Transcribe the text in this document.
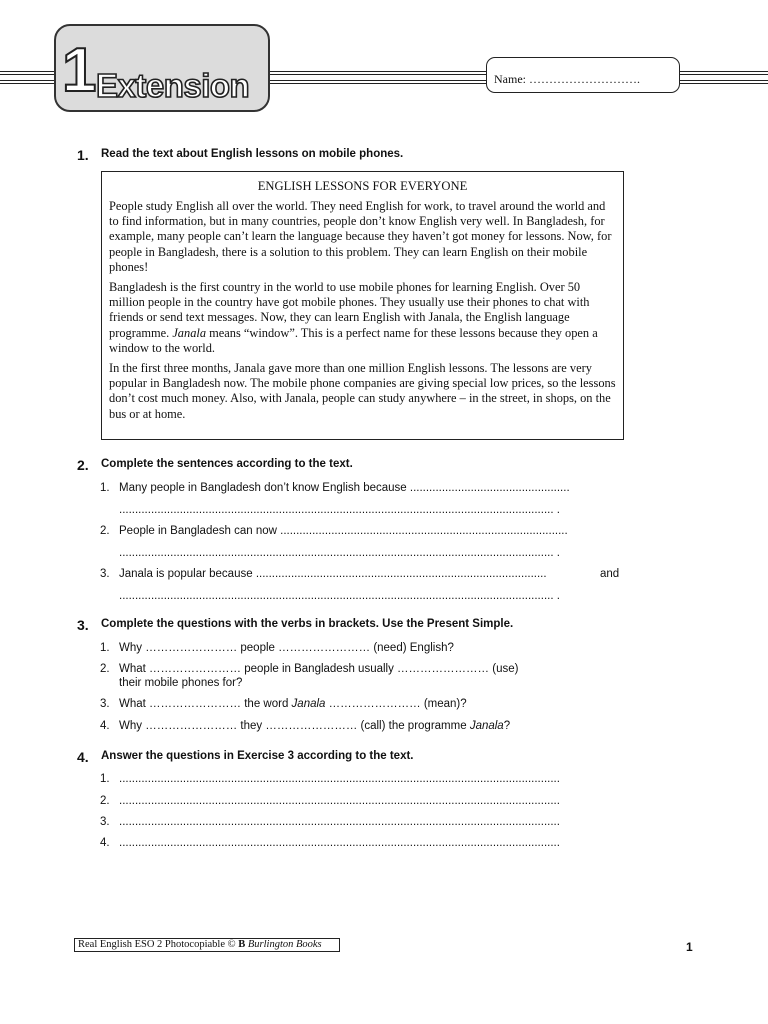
1 Extension	Name: ……………………….
1. Read the text about English lessons on mobile phones.
ENGLISH LESSONS FOR EVERYONE

People study English all over the world. They need English for work, to travel around the world and to find information, but in many countries, people don’t know English very well. In Bangladesh, for example, many people can’t learn the language because they haven’t got money for lessons. Now, for people in Bangladesh, there is a solution to this problem. They can learn English on their mobile phones!

Bangladesh is the first country in the world to use mobile phones for learning English. Over 50 million people in the country have got mobile phones. They usually use their phones to chat with friends or send text messages. Now, they can learn English with Janala, the English language programme. Janala means “window”. This is a perfect name for these lessons because they open a window to the world.

In the first three months, Janala gave more than one million English lessons. The lessons are very popular in Bangladesh now. The mobile phone companies are giving special low prices, so the lessons don’t cost much money. Also, with Janala, people can study anywhere – in the street, in shops, on the bus or at home.

2. Complete the sentences according to the text.
1. Many people in Bangladesh don’t know English because ..................................................
........................................................................................................................................ .
2. People in Bangladesh can now ..........................................................................................
........................................................................................................................................ .
3. Janala is popular because ...........................................................................................	and
........................................................................................................................................ .
3. Complete the questions with the verbs in brackets. Use the Present Simple.
1. Why …………………… people …………………… (need) English?
2. What …………………… people in Bangladesh usually …………………… (use)
their mobile phones for?
3. What …………………… the word Janala …………………… (mean)?
4. Why …………………… they …………………… (call) the programme Janala?
4. Answer the questions in Exercise 3 according to the text.
1. ..........................................................................................................................................
2. ..........................................................................................................................................
3. ..........................................................................................................................................
4. ..........................................................................................................................................
Real English ESO 2 Photocopiable © B Burlington Books	1
